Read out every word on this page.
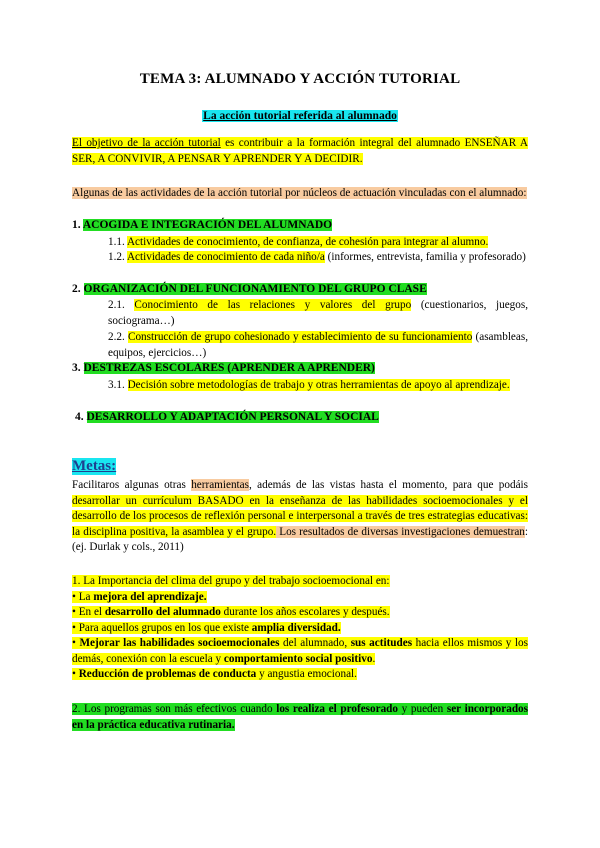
TEMA 3: ALUMNADO Y ACCIÓN TUTORIAL
La acción tutorial referida al alumnado
El objetivo de la acción tutorial es contribuir a la formación integral del alumnado ENSEÑAR A SER, A CONVIVIR, A PENSAR Y APRENDER Y A DECIDIR.
Algunas de las actividades de la acción tutorial por núcleos de actuación vinculadas con el alumnado:
1. ACOGIDA E INTEGRACIÓN DEL ALUMNADO
1.1. Actividades de conocimiento, de confianza, de cohesión para integrar al alumno.
1.2. Actividades de conocimiento de cada niño/a (informes, entrevista, familia y profesorado)
2. ORGANIZACIÓN DEL FUNCIONAMIENTO DEL GRUPO CLASE
2.1. Conocimiento de las relaciones y valores del grupo (cuestionarios, juegos, sociograma…)
2.2. Construcción de grupo cohesionado y establecimiento de su funcionamiento (asambleas, equipos, ejercicios…)
3. DESTREZAS ESCOLARES (APRENDER A APRENDER)
3.1. Decisión sobre metodologías de trabajo y otras herramientas de apoyo al aprendizaje.
4. DESARROLLO Y ADAPTACIÓN PERSONAL Y SOCIAL
Metas:
Facilitaros algunas otras herramientas, además de las vistas hasta el momento, para que podáis desarrollar un currículum BASADO en la enseñanza de las habilidades socioemocionales y el desarrollo de los procesos de reflexión personal e interpersonal a través de tres estrategias educativas: la disciplina positiva, la asamblea y el grupo. Los resultados de diversas investigaciones demuestran: (ej. Durlak y cols., 2011)
1. La Importancia del clima del grupo y del trabajo socioemocional en:
• La mejora del aprendizaje.
• En el desarrollo del alumnado durante los años escolares y después.
• Para aquellos grupos en los que existe amplia diversidad.
• Mejorar las habilidades socioemocionales del alumnado, sus actitudes hacia ellos mismos y los demás, conexión con la escuela y comportamiento social positivo.
• Reducción de problemas de conducta y angustia emocional.
2. Los programas son más efectivos cuando los realiza el profesorado y pueden ser incorporados en la práctica educativa rutinaria.
